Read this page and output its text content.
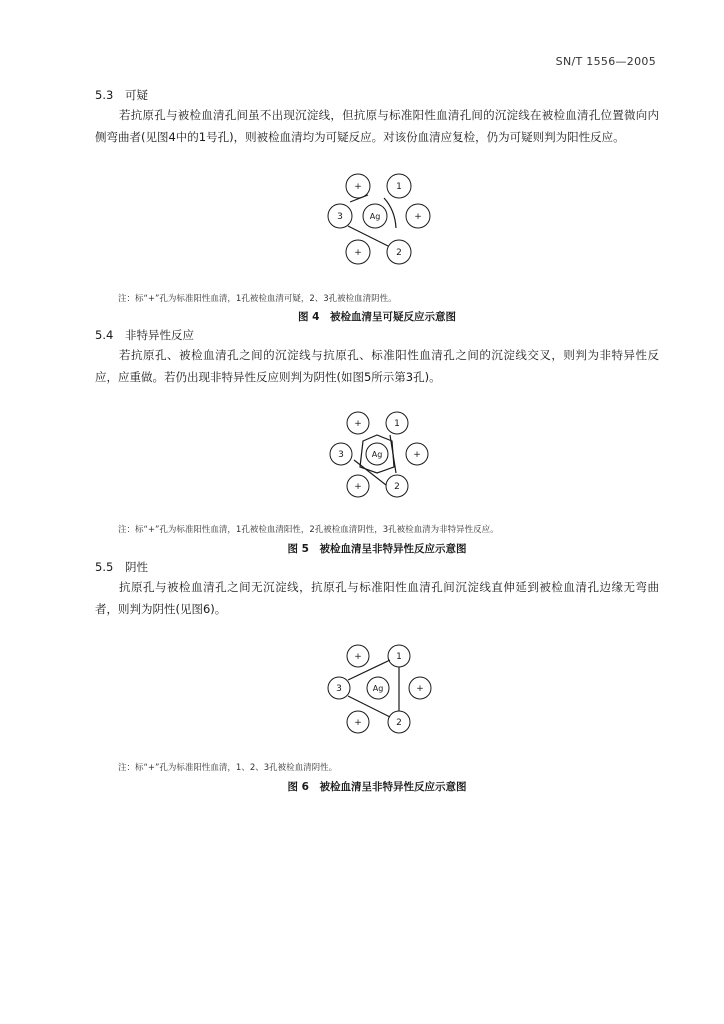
SN/T 1556—2005
5.3 可疑
若抗原孔与被检血清孔间虽不出现沉淀线，但抗原与标准阳性血清孔间的沉淀线在被检血清孔位置微向内侧弯曲者(见图4中的1号孔)，则被检血清均为可疑反应。对该份血清应复检，仍为可疑则判为阳性反应。
+	1
3	Ag	+
+	2
注：标“+”孔为标准阳性血清，1孔被检血清可疑，2、3孔被检血清阴性。
图 4　被检血清呈可疑反应示意图
5.4 非特异性反应
若抗原孔、被检血清孔之间的沉淀线与抗原孔、标准阳性血清孔之间的沉淀线交叉，则判为非特异性反应，应重做。若仍出现非特异性反应则判为阴性(如图5所示第3孔)。
+	1
3	Ag	+
+	2
注：标“+”孔为标准阳性血清，1孔被检血清阳性，2孔被检血清阴性，3孔被检血清为非特异性反应。
图 5　被检血清呈非特异性反应示意图
5.5 阴性
抗原孔与被检血清孔之间无沉淀线，抗原孔与标准阳性血清孔间沉淀线直伸延到被检血清孔边缘无弯曲者，则判为阴性(见图6)。
+	1
3	Ag	+
+	2
注：标“+”孔为标准阳性血清，1、2、3孔被检血清阴性。
图 6　被检血清呈非特异性反应示意图
